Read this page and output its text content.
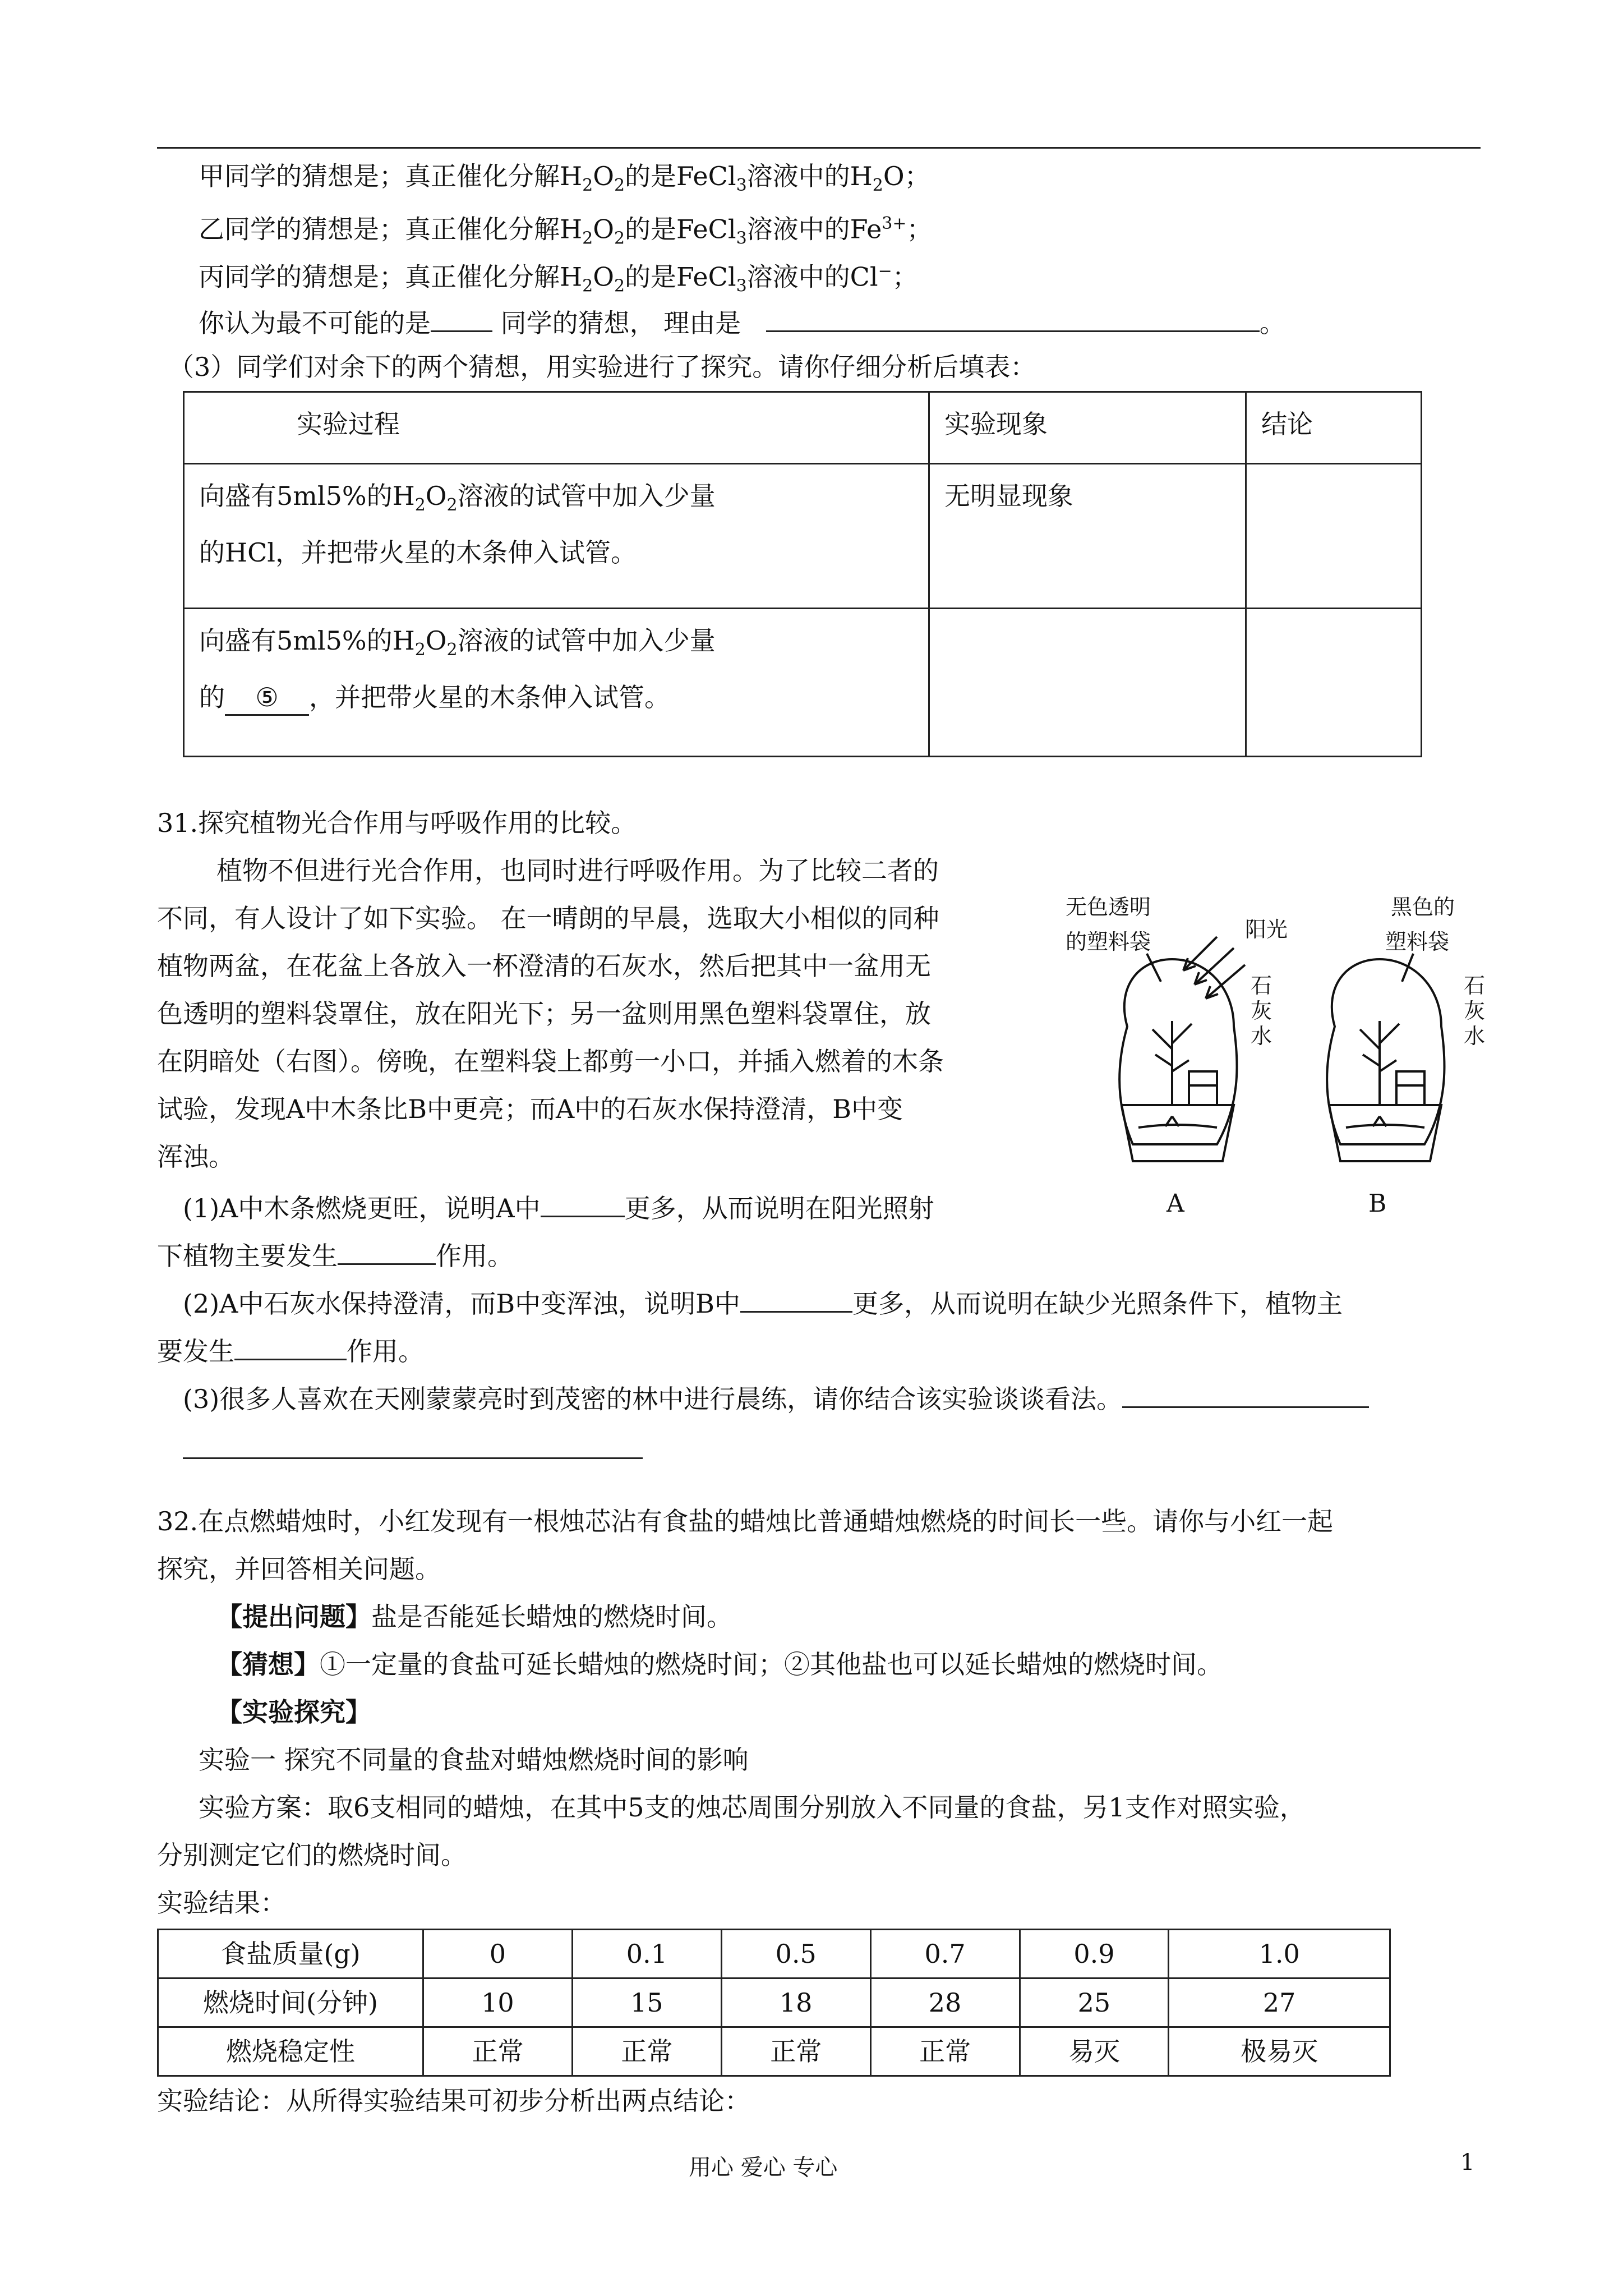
甲同学的猜想是；真正催化分解$H_2O_2$的是FeCl$_3$溶液中的$H_2O$；
乙同学的猜想是；真正催化分解$H_2O_2$的是FeCl$_3$溶液中的$Fe^{3+}$；
丙同学的猜想是；真正催化分解$H_2O_2$的是FeCl$_3$溶液中的Cl−；
你认为最不可能的是	同学的猜想， 理由是	。
（3）同学们对余下的两个猜想，用实验进行了探究。请你仔细分析后填表：
实验过程	实验现象	结论
向盛有5ml5%的$H_2O_2$溶液的试管中加入少量
的HCl，并把带火星的木条伸入试管。	无明显现象	
向盛有5ml5%的$H_2O_2$溶液的试管中加入少量
的 ⑤ ，并把带火星的木条伸入试管。		
31.探究植物光合作用与呼吸作用的比较。
植物不但进行光合作用，也同时进行呼吸作用。为了比较二者的
不同，有人设计了如下实验。 在一晴朗的早晨，选取大小相似的同种
植物两盆，在花盆上各放入一杯澄清的石灰水，然后把其中一盆用无
色透明的塑料袋罩住，放在阳光下；另一盆则用黑色塑料袋罩住，放
在阴暗处（右图）。傍晚，在塑料袋上都剪一小口，并插入燃着的木条
试验，发现A中木条比B中更亮；而A中的石灰水保持澄清，B中变
浑浊。
(1)A中木条燃烧更旺，说明A中	更多，从而说明在阳光照射
下植物主要发生	作用。
(2)A中石灰水保持澄清，而B中变浑浊，说明B中	更多，从而说明在缺少光照条件下，植物主
要发生	作用。
(3)很多人喜欢在天刚蒙蒙亮时到茂密的林中进行晨练，请你结合该实验谈谈看法。
无色透明
的塑料袋	阳光
石
灰
水
黑色的
塑料袋
石
灰
水
A	B
32.在点燃蜡烛时，小红发现有一根烛芯沾有食盐的蜡烛比普通蜡烛燃烧的时间长一些。请你与小红一起
探究，并回答相关问题。
【提出问题】盐是否能延长蜡烛的燃烧时间。
【猜想】①一定量的食盐可延长蜡烛的燃烧时间；②其他盐也可以延长蜡烛的燃烧时间。
【实验探究】
实验一 探究不同量的食盐对蜡烛燃烧时间的影响
实验方案：取6支相同的蜡烛，在其中5支的烛芯周围分别放入不同量的食盐，另1支作对照实验，
分别测定它们的燃烧时间。
实验结果：
食盐质量(g)	0	0.1	0.5	0.7	0.9	1.0
燃烧时间(分钟)	10	15	18	28	25	27
燃烧稳定性	正常	正常	正常	正常	易灭	极易灭
实验结论：从所得实验结果可初步分析出两点结论：
用心 爱心 专心	1
